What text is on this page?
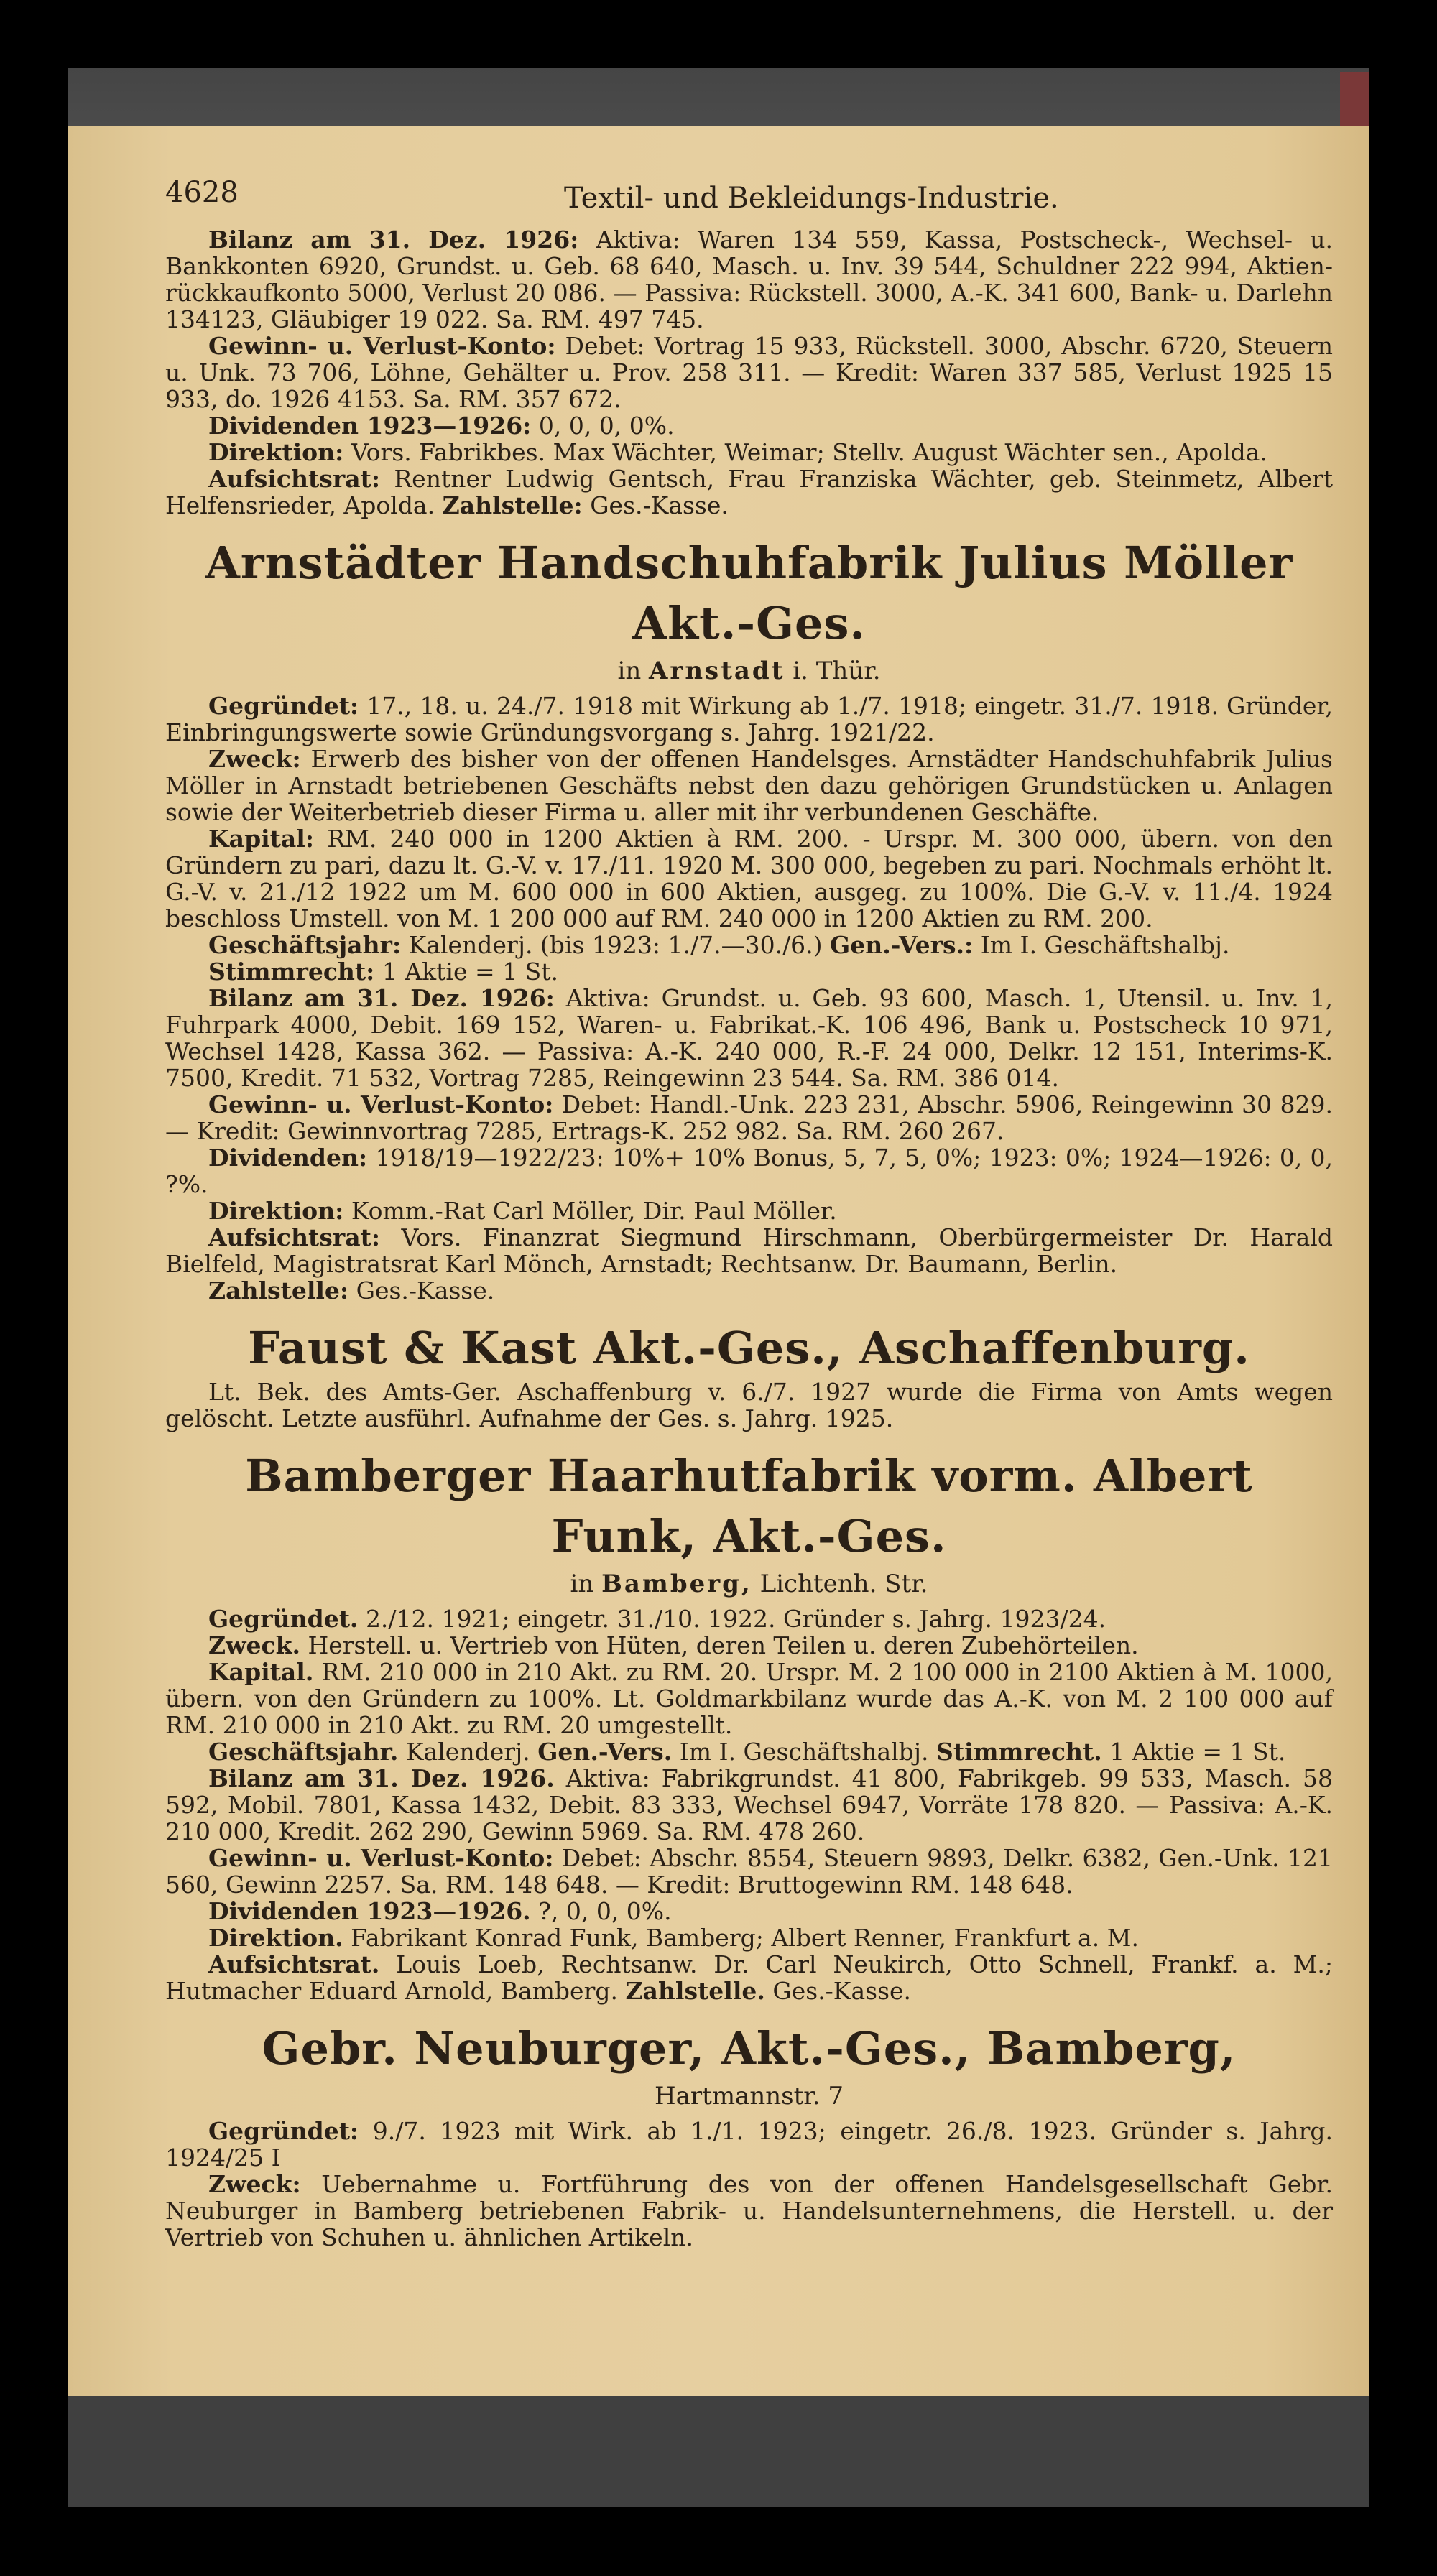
4628	Textil- und Bekleidungs-Industrie.

Bilanz am 31. Dez. 1926: Aktiva: Waren 134 559, Kassa, Postscheck-, Wechsel- u. Bankkonten 6920, Grundst. u. Geb. 68 640, Masch. u. Inv. 39 544, Schuldner 222 994, Aktien-rückkaufkonto 5000, Verlust 20 086. — Passiva: Rückstell. 3000, A.-K. 341 600, Bank- u. Darlehn 134123, Gläubiger 19 022. Sa. RM. 497 745.

Gewinn- u. Verlust-Konto: Debet: Vortrag 15 933, Rückstell. 3000, Abschr. 6720, Steuern u. Unk. 73 706, Löhne, Gehälter u. Prov. 258 311. — Kredit: Waren 337 585, Verlust 1925 15 933, do. 1926 4153. Sa. RM. 357 672.

Dividenden 1923—1926: 0, 0, 0, 0%.

Direktion: Vors. Fabrikbes. Max Wächter, Weimar; Stellv. August Wächter sen., Apolda.

Aufsichtsrat: Rentner Ludwig Gentsch, Frau Franziska Wächter, geb. Steinmetz, Albert Helfensrieder, Apolda. Zahlstelle: Ges.-Kasse.

Arnstädter Handschuhfabrik Julius Möller Akt.-Ges.
in Arnstadt i. Thür.

Gegründet: 17., 18. u. 24./7. 1918 mit Wirkung ab 1./7. 1918; eingetr. 31./7. 1918. Gründer, Einbringungswerte sowie Gründungsvorgang s. Jahrg. 1921/22.

Zweck: Erwerb des bisher von der offenen Handelsges. Arnstädter Handschuhfabrik Julius Möller in Arnstadt betriebenen Geschäfts nebst den dazu gehörigen Grundstücken u. Anlagen sowie der Weiterbetrieb dieser Firma u. aller mit ihr verbundenen Geschäfte.

Kapital: RM. 240 000 in 1200 Aktien à RM. 200. - Urspr. M. 300 000, übern. von den Gründern zu pari, dazu lt. G.-V. v. 17./11. 1920 M. 300 000, begeben zu pari. Nochmals erhöht lt. G.-V. v. 21./12 1922 um M. 600 000 in 600 Aktien, ausgeg. zu 100%. Die G.-V. v. 11./4. 1924 beschloss Umstell. von M. 1 200 000 auf RM. 240 000 in 1200 Aktien zu RM. 200.

Geschäftsjahr: Kalenderj. (bis 1923: 1./7.—30./6.) Gen.-Vers.: Im I. Geschäftshalbj.

Stimmrecht: 1 Aktie = 1 St.

Bilanz am 31. Dez. 1926: Aktiva: Grundst. u. Geb. 93 600, Masch. 1, Utensil. u. Inv. 1, Fuhrpark 4000, Debit. 169 152, Waren- u. Fabrikat.-K. 106 496, Bank u. Postscheck 10 971, Wechsel 1428, Kassa 362. — Passiva: A.-K. 240 000, R.-F. 24 000, Delkr. 12 151, Interims-K. 7500, Kredit. 71 532, Vortrag 7285, Reingewinn 23 544. Sa. RM. 386 014.

Gewinn- u. Verlust-Konto: Debet: Handl.-Unk. 223 231, Abschr. 5906, Reingewinn 30 829. — Kredit: Gewinnvortrag 7285, Ertrags-K. 252 982. Sa. RM. 260 267.

Dividenden: 1918/19—1922/23: 10%+ 10% Bonus, 5, 7, 5, 0%; 1923: 0%; 1924—1926: 0, 0, ?%.

Direktion: Komm.-Rat Carl Möller, Dir. Paul Möller.

Aufsichtsrat: Vors. Finanzrat Siegmund Hirschmann, Oberbürgermeister Dr. Harald Bielfeld, Magistratsrat Karl Mönch, Arnstadt; Rechtsanw. Dr. Baumann, Berlin.

Zahlstelle: Ges.-Kasse.

Faust & Kast Akt.-Ges., Aschaffenburg.

Lt. Bek. des Amts-Ger. Aschaffenburg v. 6./7. 1927 wurde die Firma von Amts wegen gelöscht. Letzte ausführl. Aufnahme der Ges. s. Jahrg. 1925.

Bamberger Haarhutfabrik vorm. Albert Funk, Akt.-Ges.
in Bamberg, Lichtenh. Str.

Gegründet. 2./12. 1921; eingetr. 31./10. 1922. Gründer s. Jahrg. 1923/24.

Zweck. Herstell. u. Vertrieb von Hüten, deren Teilen u. deren Zubehörteilen.

Kapital. RM. 210 000 in 210 Akt. zu RM. 20. Urspr. M. 2 100 000 in 2100 Aktien à M. 1000, übern. von den Gründern zu 100%. Lt. Goldmarkbilanz wurde das A.-K. von M. 2 100 000 auf RM. 210 000 in 210 Akt. zu RM. 20 umgestellt.

Geschäftsjahr. Kalenderj. Gen.-Vers. Im I. Geschäftshalbj. Stimmrecht. 1 Aktie = 1 St.

Bilanz am 31. Dez. 1926. Aktiva: Fabrikgrundst. 41 800, Fabrikgeb. 99 533, Masch. 58 592, Mobil. 7801, Kassa 1432, Debit. 83 333, Wechsel 6947, Vorräte 178 820. — Passiva: A.-K. 210 000, Kredit. 262 290, Gewinn 5969. Sa. RM. 478 260.

Gewinn- u. Verlust-Konto: Debet: Abschr. 8554, Steuern 9893, Delkr. 6382, Gen.-Unk. 121 560, Gewinn 2257. Sa. RM. 148 648. — Kredit: Bruttogewinn RM. 148 648.

Dividenden 1923—1926. ?, 0, 0, 0%.

Direktion. Fabrikant Konrad Funk, Bamberg; Albert Renner, Frankfurt a. M.

Aufsichtsrat. Louis Loeb, Rechtsanw. Dr. Carl Neukirch, Otto Schnell, Frankf. a. M.; Hutmacher Eduard Arnold, Bamberg. Zahlstelle. Ges.-Kasse.

Gebr. Neuburger, Akt.-Ges., Bamberg,
Hartmannstr. 7

Gegründet: 9./7. 1923 mit Wirk. ab 1./1. 1923; eingetr. 26./8. 1923. Gründer s. Jahrg. 1924/25 I

Zweck: Uebernahme u. Fortführung des von der offenen Handelsgesellschaft Gebr. Neuburger in Bamberg betriebenen Fabrik- u. Handelsunternehmens, die Herstell. u. der Vertrieb von Schuhen u. ähnlichen Artikeln.
